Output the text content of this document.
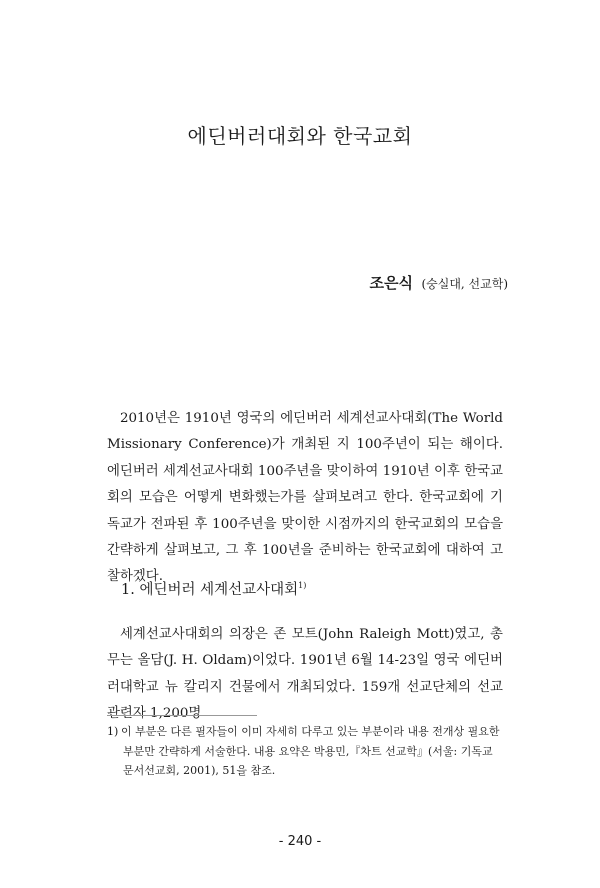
에딘버러대회와 한국교회
조은식 (숭실대, 선교학)

2010년은 1910년 영국의 에딘버러 세계선교사대회(The World Missionary Conference)가 개최된 지 100주년이 되는 해이다. 에딘버러 세계선교사대회 100주년을 맞이하여 1910년 이후 한국교회의 모습은 어떻게 변화했는가를 살펴보려고 한다. 한국교회에 기독교가 전파된 후 100주년을 맞이한 시점까지의 한국교회의 모습을 간략하게 살펴보고, 그 후 100년을 준비하는 한국교회에 대하여 고찰하겠다.

1. 에딘버러 세계선교사대회$^{1)}$

세계선교사대회의 의장은 존 모트(John Raleigh Mott)였고, 총무는 올담(J. H. Oldam)이었다. 1901년 6월 14-23일 영국 에딘버러대학교 뉴 칼리지 건물에서 개최되었다. 159개 선교단체의 선교 관련자 1,200명

1) 이 부분은 다른 필자들이 이미 자세히 다루고 있는 부분이라 내용 전개상 필요한 부분만 간략하게 서술한다. 내용 요약은 박용민,『차트 선교학』(서울: 기독교문서선교회, 2001), 51을 참조.
- 240 -
